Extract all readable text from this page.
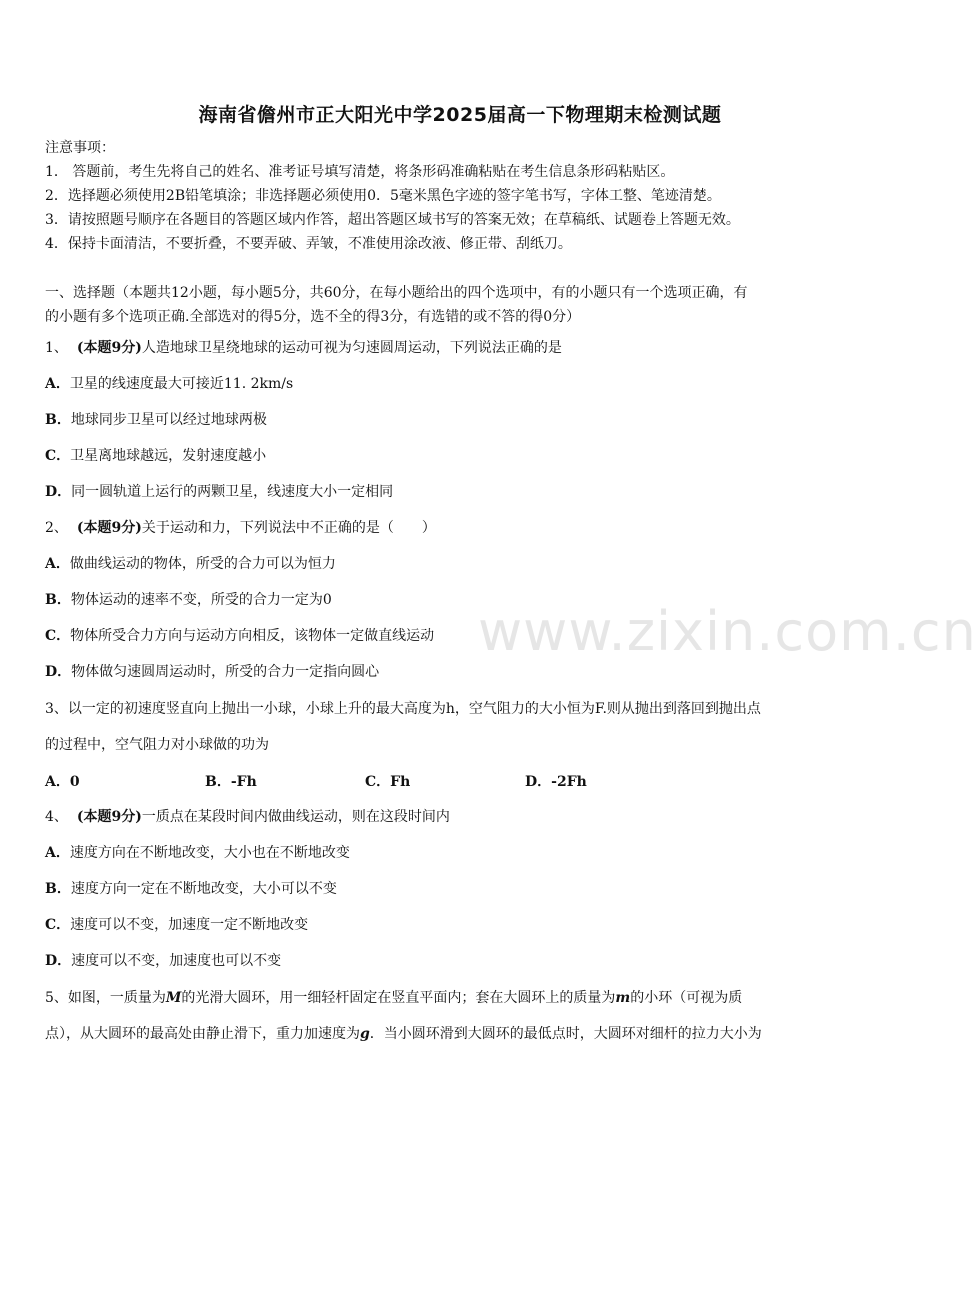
www.zixin.com.cn
海南省儋州市正大阳光中学2025届高一下物理期末检测试题
注意事项：
1． 答题前，考生先将自己的姓名、准考证号填写清楚，将条形码准确粘贴在考生信息条形码粘贴区。
2．选择题必须使用2B铅笔填涂；非选择题必须使用0．5毫米黑色字迹的签字笔书写，字体工整、笔迹清楚。
3．请按照题号顺序在各题目的答题区域内作答，超出答题区域书写的答案无效；在草稿纸、试题卷上答题无效。
4．保持卡面清洁，不要折叠，不要弄破、弄皱，不准使用涂改液、修正带、刮纸刀。
一、选择题（本题共12小题，每小题5分，共60分，在每小题给出的四个选项中，有的小题只有一个选项正确，有
的小题有多个选项正确.全部选对的得5分，选不全的得3分，有选错的或不答的得0分）
1、 (本题9分)人造地球卫星绕地球的运动可视为匀速圆周运动，下列说法正确的是
A．卫星的线速度最大可接近11. 2km/s
B．地球同步卫星可以经过地球两极
C．卫星离地球越远，发射速度越小
D．同一圆轨道上运行的两颗卫星，线速度大小一定相同
2、 (本题9分)关于运动和力，下列说法中不正确的是（　　）
A．做曲线运动的物体，所受的合力可以为恒力
B．物体运动的速率不变，所受的合力一定为0
C．物体所受合力方向与运动方向相反，该物体一定做直线运动
D．物体做匀速圆周运动时，所受的合力一定指向圆心
3、以一定的初速度竖直向上抛出一小球，小球上升的最大高度为h，空气阻力的大小恒为F.则从抛出到落回到抛出点
的过程中，空气阻力对小球做的功为
A．0	B．-Fh	C．Fh	D．-2Fh
4、 (本题9分)一质点在某段时间内做曲线运动，则在这段时间内
A．速度方向在不断地改变，大小也在不断地改变
B．速度方向一定在不断地改变，大小可以不变
C．速度可以不变，加速度一定不断地改变
D．速度可以不变，加速度也可以不变
5、如图，一质量为M的光滑大圆环，用一细轻杆固定在竖直平面内；套在大圆环上的质量为m的小环（可视为质
点），从大圆环的最高处由静止滑下，重力加速度为g．当小圆环滑到大圆环的最低点时，大圆环对细杆的拉力大小为
